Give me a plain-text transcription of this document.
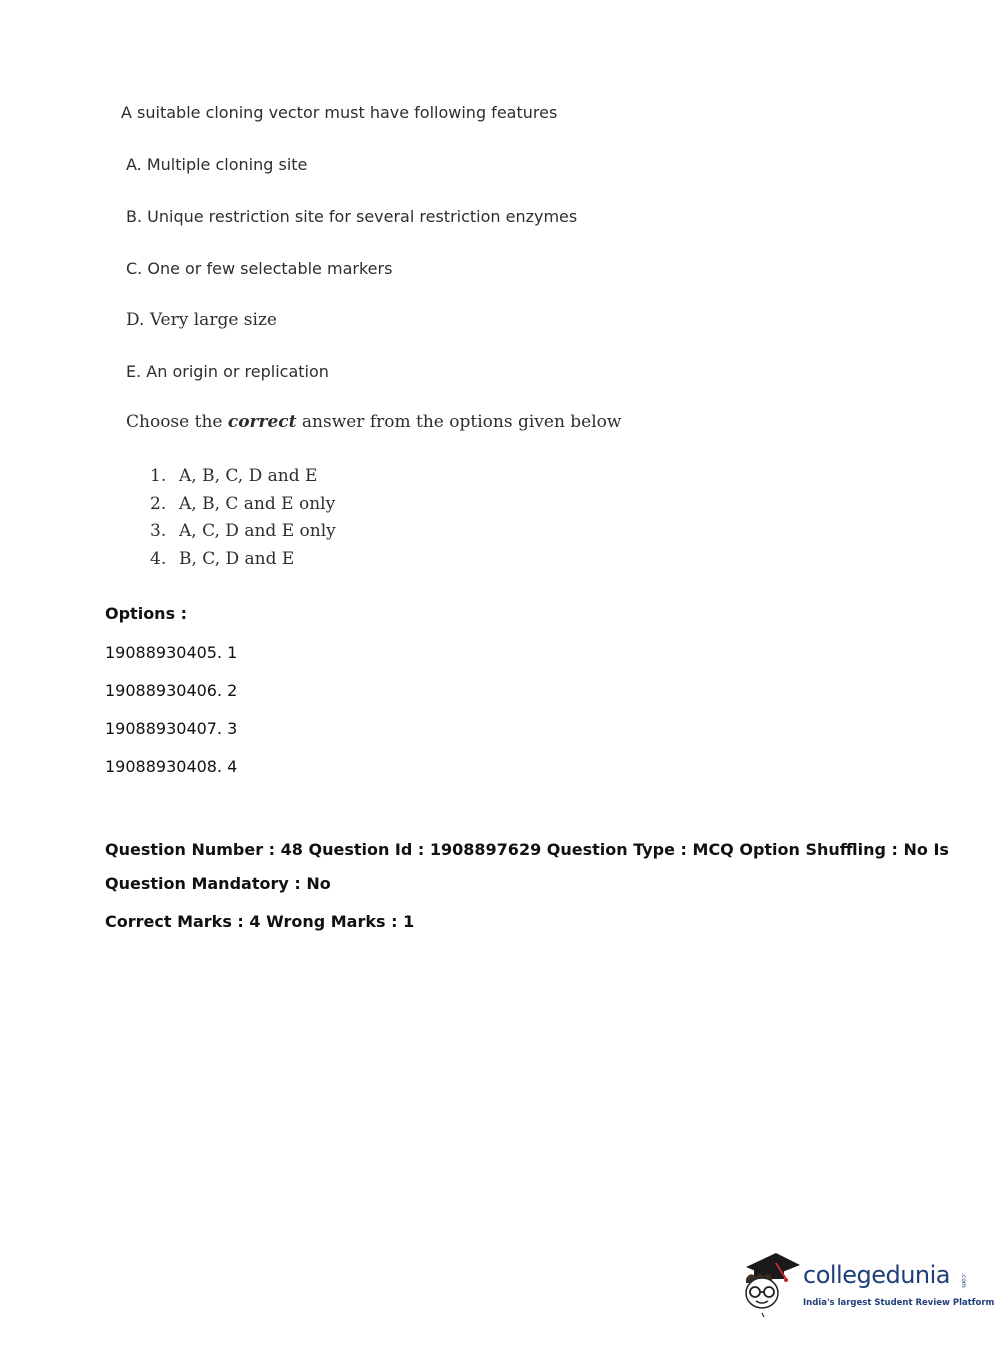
A suitable cloning vector must have following features
A. Multiple cloning site
B. Unique restriction site for several restriction enzymes
C. One or few selectable markers
D. Very large size
E. An origin or replication
Choose the correct answer from the options given below
1. A, B, C, D and E
2. A, B, C and E only
3. A, C, D and E only
4. B, C, D and E
Options :
19088930405. 1
19088930406. 2
19088930407. 3
19088930408. 4
Question Number : 48 Question Id : 1908897629 Question Type : MCQ Option Shuffling : No Is
Question Mandatory : No
Correct Marks : 4 Wrong Marks : 1
collegedunia .com
India's largest Student Review Platform
